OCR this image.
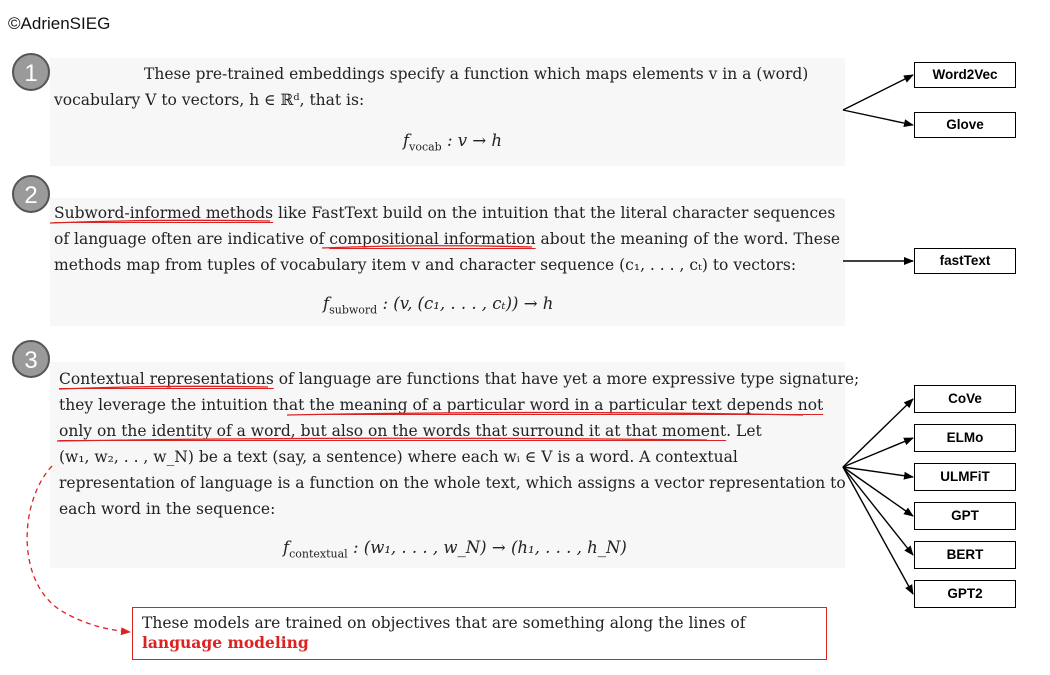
©AdrienSIEG
1	These pre-trained embeddings specify a function which maps elements v in a (word)
vocabulary V to vectors, h ∈ ℝᵈ, that is:
$f_{vocab}$ : v → h
2
Subword-informed methods like FastText build on the intuition that the literal character sequences
of language often are indicative of compositional information about the meaning of the word. These
methods map from tuples of vocabulary item v and character sequence (c₁, . . . , cₜ) to vectors:
$f_{subword}$ : (v, (c₁, . . . , cₜ)) → h
3
Contextual representations of language are functions that have yet a more expressive type signature;
they leverage the intuition that the meaning of a particular word in a particular text depends not
only on the identity of a word, but also on the words that surround it at that moment. Let
(w₁, w₂, . . , w_N) be a text (say, a sentence) where each wᵢ ∈ V is a word. A contextual
representation of language is a function on the whole text, which assigns a vector representation to
each word in the sequence:
$f_{contextual}$ : (w₁, . . . , w_N) → (h₁, . . . , h_N)
These models are trained on objectives that are something along the lines of language modeling
Word2Vec
Glove
fastText
CoVe
ELMo
ULMFiT
GPT
BERT
GPT2
